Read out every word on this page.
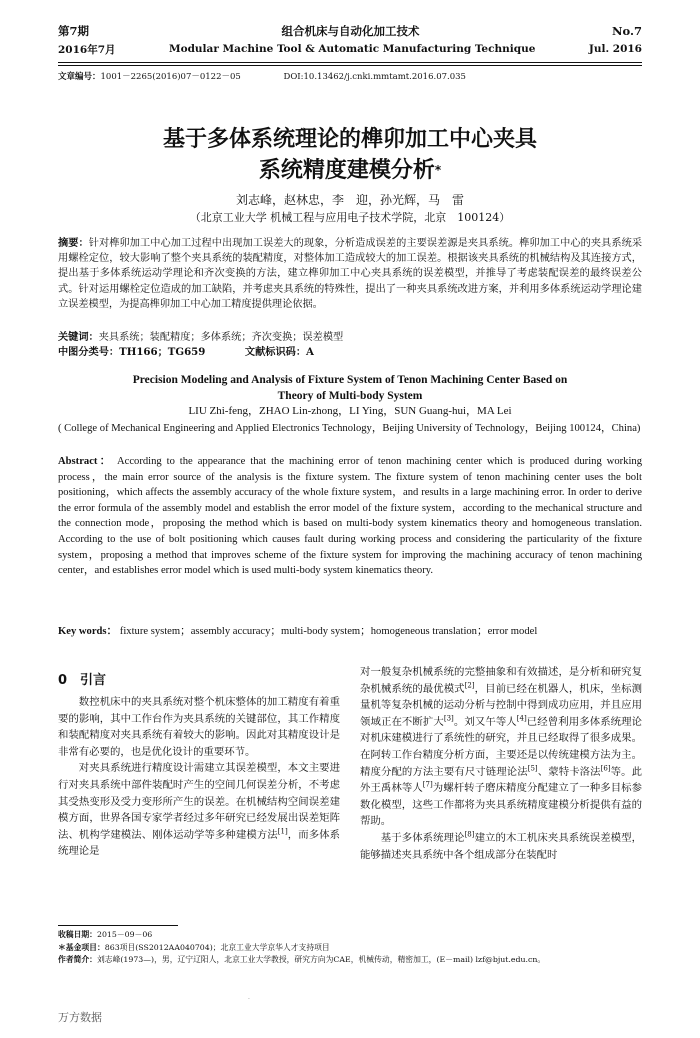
第7期	组合机床与自动化加工技术	No.7
2016年7月	Modular Machine Tool & Automatic Manufacturing Technique	Jul. 2016
文章编号：1001－2265(2016)07－0122－05	DOI:10.13462/j.cnki.mmtamt.2016.07.035
基于多体系统理论的榫卯加工中心夹具
系统精度建模分析*
刘志峰，赵林忠，李　迎，孙光辉，马　雷
（北京工业大学 机械工程与应用电子技术学院，北京　100124）
摘要：针对榫卯加工中心加工过程中出现加工误差大的现象，分析造成误差的主要误差源是夹具系统。榫卯加工中心的夹具系统采用螺栓定位，较大影响了整个夹具系统的装配精度，对整体加工造成较大的加工误差。根据该夹具系统的机械结构及其连接方式，提出基于多体系统运动学理论和齐次变换的方法，建立榫卯加工中心夹具系统的误差模型，并推导了考虑装配误差的最终误差公式。针对运用螺栓定位造成的加工缺陷，并考虑夹具系统的特殊性，提出了一种夹具系统改进方案，并利用多体系统运动学理论建立误差模型，为提高榫卯加工中心加工精度提供理论依据。
关键词：夹具系统；装配精度；多体系统；齐次变换；误差模型
中图分类号：TH166；TG659	文献标识码：A
Precision Modeling and Analysis of Fixture System of Tenon Machining Center Based on
Theory of Multi-body System
LIU Zhi-feng，ZHAO Lin-zhong，LI Ying，SUN Guang-hui，MA Lei
( College of Mechanical Engineering and Applied Electronics Technology，Beijing University of Technology，Beijing 100124，China)
Abstract： According to the appearance that the machining error of tenon machining center which is produced during working process，the main error source of the analysis is the fixture system. The fixture system of tenon machining center uses the bolt positioning，which affects the assembly accuracy of the whole fixture system，and results in a large machining error. In order to derive the error formula of the assembly model and establish the error model of the fixture system，according to the mechanical structure and the connection mode，proposing the method which is based on multi-body system kinematics theory and homogeneous translation. According to the use of bolt positioning which causes fault during working process and considering the particularity of the fixture system，proposing a method that improves scheme of the fixture system for improving the machining accuracy of tenon machining center，and establishes error model which is used multi-body system kinematics theory.
Key words： fixture system；assembly accuracy；multi-body system；homogeneous translation；error model
0　引言

数控机床中的夹具系统对整个机床整体的加工精度有着重要的影响，其中工作台作为夹具系统的关键部位，其工作精度和装配精度对夹具系统有着较大的影响。因此对其精度设计是非常有必要的，也是优化设计的重要环节。

对夹具系统进行精度设计需建立其误差模型，本文主要进行对夹具系统中部件装配时产生的空间几何误差分析，不考虑其受热变形及受力变形所产生的误差。在机械结构空间误差建模方面，世界各国专家学者经过多年研究已经发展出误差矩阵法、机构学建模法、刚体运动学等多种建模方法[1]，而多体系统理论是

对一般复杂机械系统的完整抽象和有效描述，是分析和研究复杂机械系统的最优模式[2]，目前已经在机器人，机床，坐标测量机等复杂机械的运动分析与控制中得到成功应用，并且应用领域正在不断扩大[3]。刘又午等人[4]已经曾利用多体系统理论对机床建模进行了系统性的研究，并且已经取得了很多成果。在阿转工作台精度分析方面，主要还是以传统建模方法为主。精度分配的方法主要有尺寸链理论法[5]、蒙特卡洛法[6]等。此外王禹林等人[7]为螺杆转子磨床精度分配建立了一种多目标参数化模型，这些工作都将为夹具系统精度建模分析提供有益的帮助。

基于多体系统理论[8]建立的木工机床夹具系统误差模型，能够描述夹具系统中各个组成部分在装配时

收稿日期：2015－09－06
＊基金项目：863项目(SS2012AA040704)；北京工业大学京华人才支持项目
作者简介：刘志峰(1973—)，男，辽宁辽阳人，北京工业大学教授，研究方向为CAE，机械传动，精密加工，(E－mail) lzf@bjut.edu.cn。
·
万方数据
